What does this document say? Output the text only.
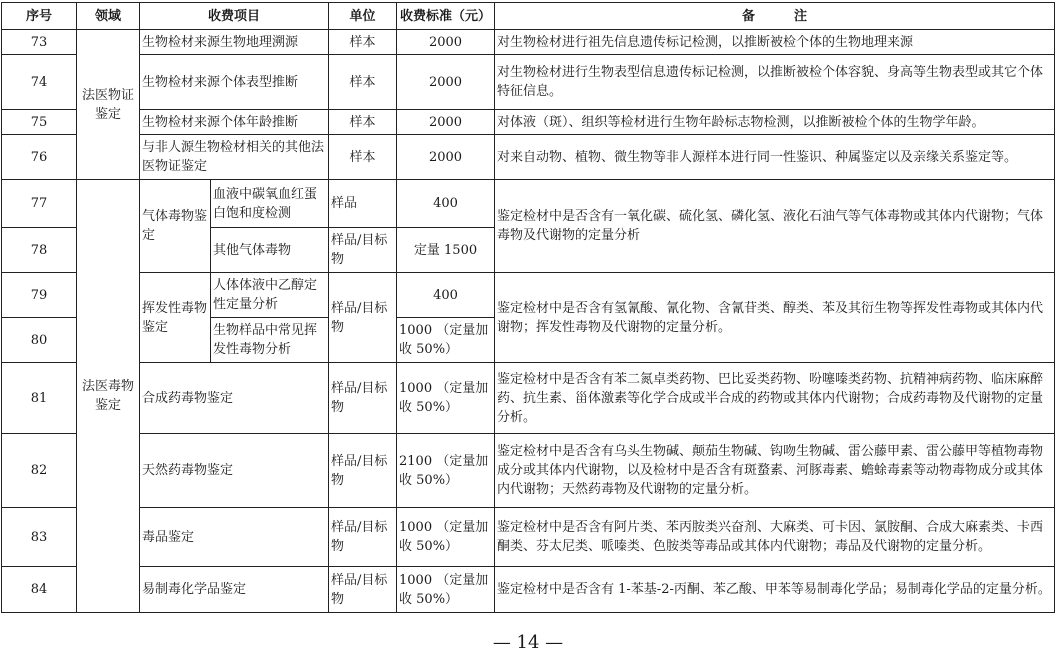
序号	领域	收费项目		单位	收费标准（元）	备　　　注
73	法医物证鉴定	生物检材来源生物地理溯源		样本	2000	对生物检材进行祖先信息遗传标记检测，以推断被检个体的生物地理来源
74		生物检材来源个体表型推断		样本	2000	对生物检材进行生物表型信息遗传标记检测，以推断被检个体容貌、身高等生物表型或其它个体特征信息。
75		生物检材来源个体年龄推断		样本	2000	对体液（斑）、组织等检材进行生物年龄标志物检测，以推断被检个体的生物学年龄。
76		与非人源生物检材相关的其他法医物证鉴定		样本	2000	对来自动物、植物、微生物等非人源样本进行同一性鉴识、种属鉴定以及亲缘关系鉴定等。
77	法医毒物鉴定	气体毒物鉴定	血液中碳氧血红蛋白饱和度检测	样品	400	鉴定检材中是否含有一氧化碳、硫化氢、磷化氢、液化石油气等气体毒物或其体内代谢物；气体毒物及代谢物的定量分析
78			其他气体毒物	样品/目标物	定量 1500	
79		挥发性毒物鉴定	人体体液中乙醇定性定量分析	样品/目标物	400	鉴定检材中是否含有氢氰酸、氰化物、含氰苷类、醇类、苯及其衍生物等挥发性毒物或其体内代谢物；挥发性毒物及代谢物的定量分析。
80			生物样品中常见挥发性毒物分析		1000 （定量加收 50%）	
81		合成药毒物鉴定		样品/目标物	1000 （定量加收 50%）	鉴定检材中是否含有苯二氮卓类药物、巴比妥类药物、吩噻嗪类药物、抗精神病药物、临床麻醉药、抗生素、甾体激素等化学合成或半合成的药物或其体内代谢物；合成药毒物及代谢物的定量分析。
82		天然药毒物鉴定		样品/目标物	2100 （定量加收 50%）	鉴定检材中是否含有乌头生物碱、颠茄生物碱、钩吻生物碱、雷公藤甲素、雷公藤甲等植物毒物成分或其体内代谢物，以及检材中是否含有斑蝥素、河豚毒素、蟾蜍毒素等动物毒物成分或其体内代谢物；天然药毒物及代谢物的定量分析。
83		毒品鉴定		样品/目标物	1000 （定量加收 50%）	鉴定检材中是否含有阿片类、苯丙胺类兴奋剂、大麻类、可卡因、氯胺酮、合成大麻素类、卡西酮类、芬太尼类、哌嗪类、色胺类等毒品或其体内代谢物；毒品及代谢物的定量分析。
84		易制毒化学品鉴定		样品/目标物	1000 （定量加收 50%）	鉴定检材中是否含有 1-苯基-2-丙酮、苯乙酸、甲苯等易制毒化学品；易制毒化学品的定量分析。
— 14 —
